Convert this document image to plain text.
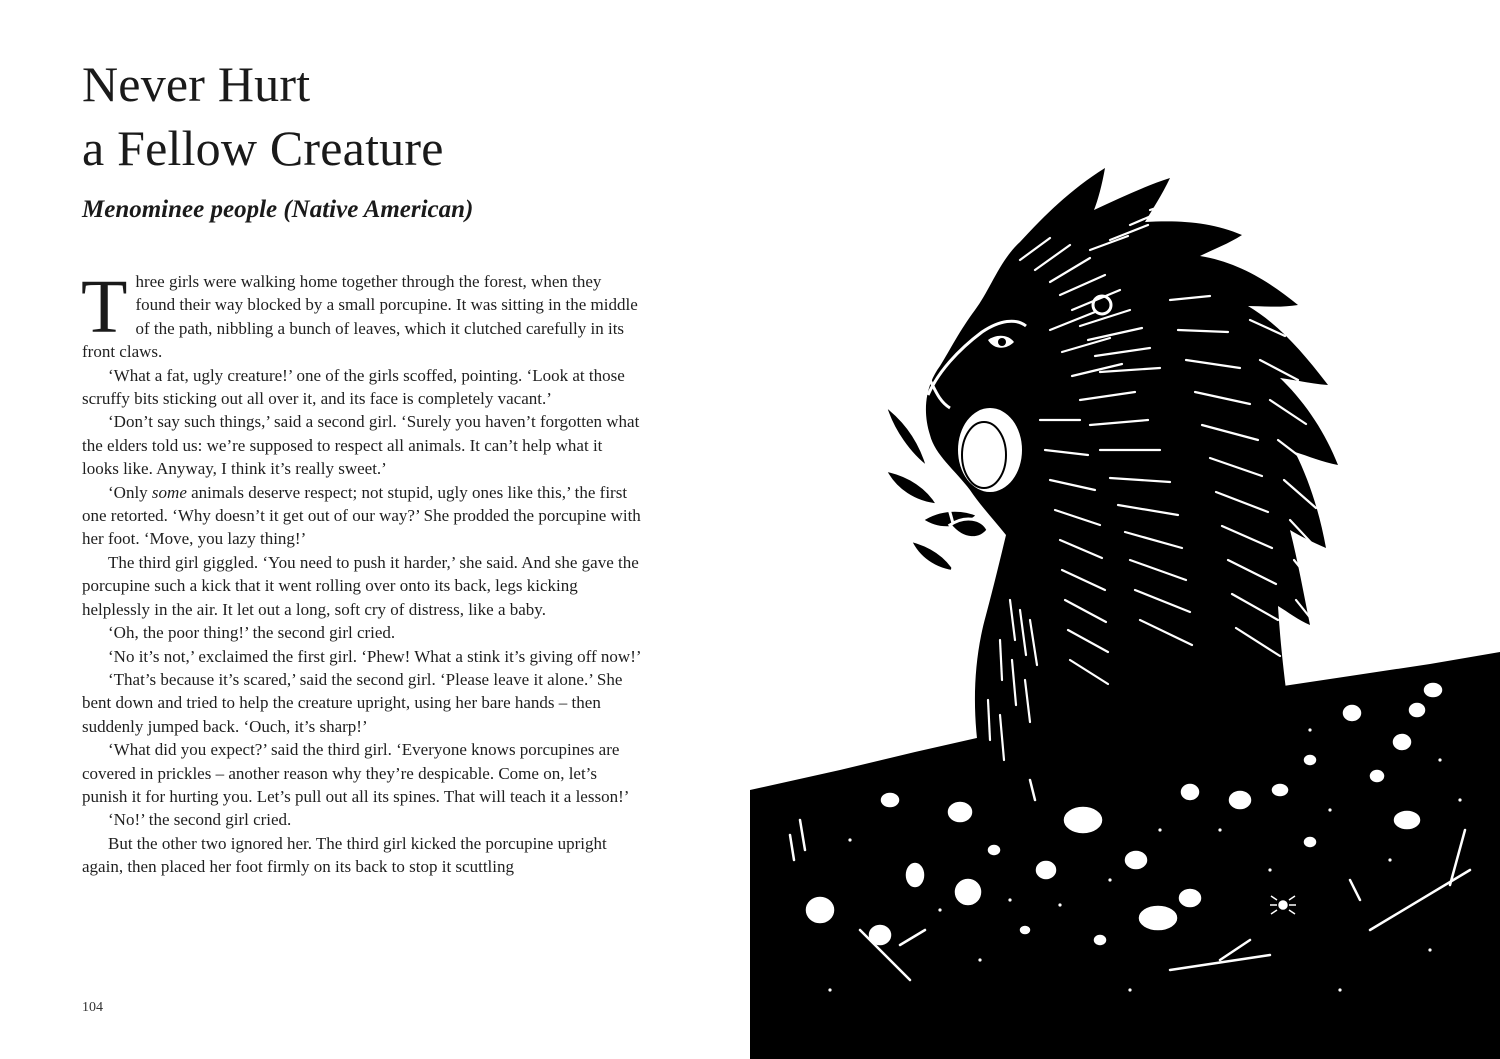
Never Hurt
a Fellow Creature
Menominee people (Native American)

Three girls were walking home together through the forest, when they found their way blocked by a small porcupine. It was sitting in the middle of the path, nibbling a bunch of leaves, which it clutched carefully in its front claws.

‘What a fat, ugly creature!’ one of the girls scoffed, pointing. ‘Look at those scruffy bits sticking out all over it, and its face is completely vacant.’

‘Don’t say such things,’ said a second girl. ‘Surely you haven’t forgotten what the elders told us: we’re supposed to respect all animals. It can’t help what it looks like. Anyway, I think it’s really sweet.’

‘Only some animals deserve respect; not stupid, ugly ones like this,’ the first one retorted. ‘Why doesn’t it get out of our way?’ She prodded the porcupine with her foot. ‘Move, you lazy thing!’

The third girl giggled. ‘You need to push it harder,’ she said. And she gave the porcupine such a kick that it went rolling over onto its back, legs kicking helplessly in the air. It let out a long, soft cry of distress, like a baby.

‘Oh, the poor thing!’ the second girl cried.

‘No it’s not,’ exclaimed the first girl. ‘Phew! What a stink it’s giving off now!’

‘That’s because it’s scared,’ said the second girl. ‘Please leave it alone.’ She bent down and tried to help the creature upright, using her bare hands – then suddenly jumped back. ‘Ouch, it’s sharp!’

‘What did you expect?’ said the third girl. ‘Everyone knows porcupines are covered in prickles – another reason why they’re despicable. Come on, let’s punish it for hurting you. Let’s pull out all its spines. That will teach it a lesson!’

‘No!’ the second girl cried.

But the other two ignored her. The third girl kicked the porcupine upright again, then placed her foot firmly on its back to stop it scuttling

104
